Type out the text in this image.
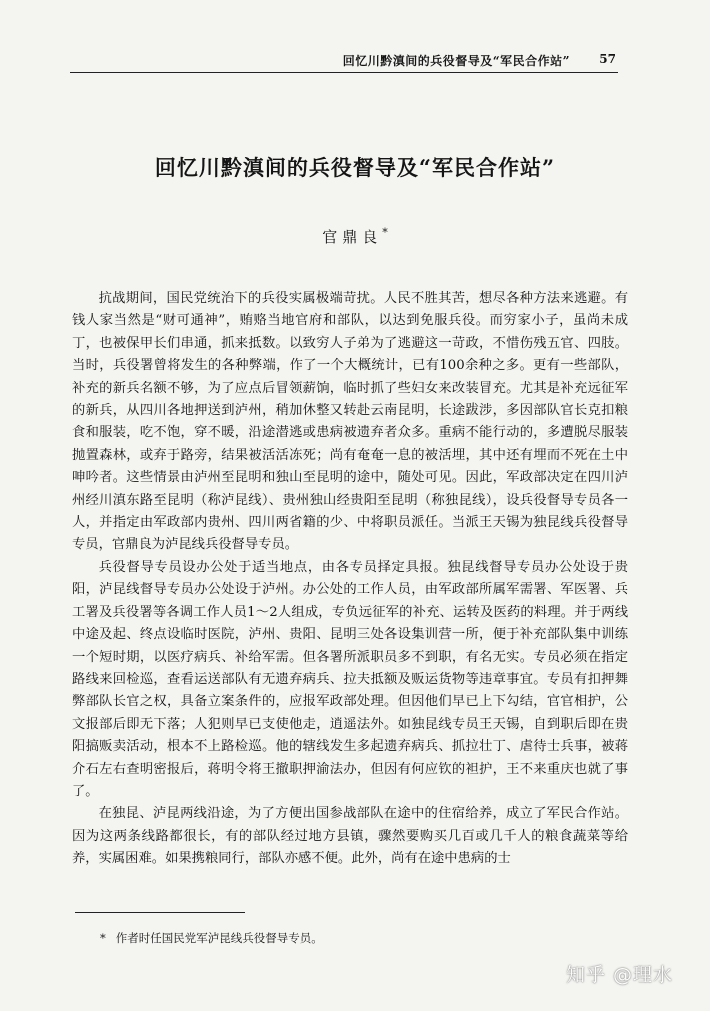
回忆川黔滇间的兵役督导及“军民合作站” 57
回忆川黔滇间的兵役督导及“军民合作站”
官鼎良*

抗战期间，国民党统治下的兵役实属极端苛扰。人民不胜其苦，想尽各种方法来逃避。有钱人家当然是“财可通神”，贿赂当地官府和部队，以达到免服兵役。而穷家小子，虽尚未成丁，也被保甲长们串通，抓来抵数。以致穷人子弟为了逃避这一苛政，不惜伤残五官、四肢。当时，兵役署曾将发生的各种弊端，作了一个大概统计，已有100余种之多。更有一些部队，补充的新兵名额不够，为了应点后冒领薪饷，临时抓了些妇女来改装冒充。尤其是补充远征军的新兵，从四川各地押送到泸州，稍加休整又转赴云南昆明，长途跋涉，多因部队官长克扣粮食和服装，吃不饱，穿不暖，沿途潜逃或患病被遗弃者众多。重病不能行动的，多遭脱尽服装抛置森林，或弃于路旁，结果被活活冻死；尚有奄奄一息的被活埋，其中还有埋而不死在土中呻吟者。这些情景由泸州至昆明和独山至昆明的途中，随处可见。因此，军政部决定在四川泸州经川滇东路至昆明（称泸昆线）、贵州独山经贵阳至昆明（称独昆线），设兵役督导专员各一人，并指定由军政部内贵州、四川两省籍的少、中将职员派任。当派王天锡为独昆线兵役督导专员，官鼎良为泸昆线兵役督导专员。

兵役督导专员设办公处于适当地点，由各专员择定具报。独昆线督导专员办公处设于贵阳，泸昆线督导专员办公处设于泸州。办公处的工作人员，由军政部所属军需署、军医署、兵工署及兵役署等各调工作人员1～2人组成，专负远征军的补充、运转及医药的料理。并于两线中途及起、终点设临时医院，泸州、贵阳、昆明三处各设集训营一所，便于补充部队集中训练一个短时期，以医疗病兵、补给军需。但各署所派职员多不到职，有名无实。专员必须在指定路线来回检巡，查看运送部队有无遗弃病兵、拉夫抵额及贩运货物等违章事宜。专员有扣押舞弊部队长官之权，具备立案条件的，应报军政部处理。但因他们早已上下勾结，官官相护，公文报部后即无下落；人犯则早已支使他走，逍遥法外。如独昆线专员王天锡，自到职后即在贵阳搞贩卖活动，根本不上路检巡。他的辖线发生多起遗弃病兵、抓拉壮丁、虐待士兵事，被蒋介石左右查明密报后，蒋明令将王撤职押渝法办，但因有何应钦的袒护，王不来重庆也就了事了。

在独昆、泸昆两线沿途，为了方便出国参战部队在途中的住宿给养，成立了军民合作站。因为这两条线路都很长，有的部队经过地方县镇，骤然要购买几百或几千人的粮食蔬菜等给养，实属困难。如果携粮同行，部队亦感不便。此外，尚有在途中患病的士

* 作者时任国民党军泸昆线兵役督导专员。
知乎 @理水
